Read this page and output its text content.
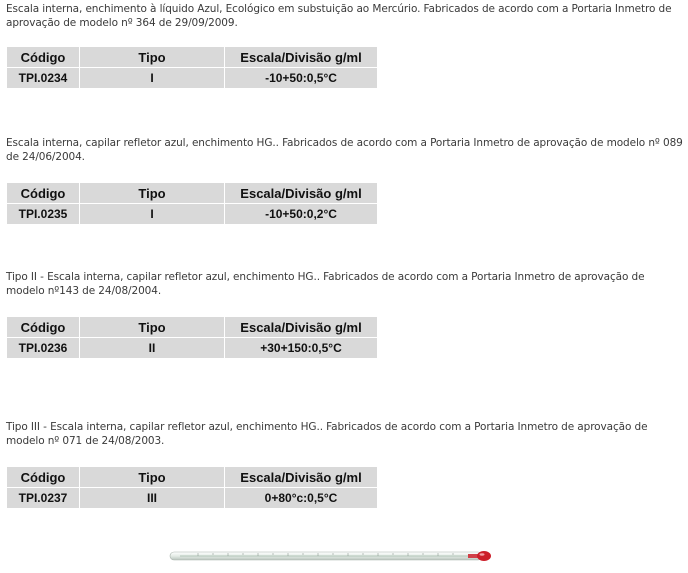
Escala interna, enchimento à líquido Azul, Ecológico em substuição ao Mercúrio. Fabricados de acordo com a Portaria Inmetro de aprovação de modelo nº 364 de 29/09/2009.

Código	Tipo	Escala/Divisão g/ml
TPI.0234	I	-10+50:0,5°C

Escala interna, capilar refletor azul, enchimento HG.. Fabricados de acordo com a Portaria Inmetro de aprovação de modelo nº 089 de 24/06/2004.

Código	Tipo	Escala/Divisão g/ml
TPI.0235	I	-10+50:0,2°C

Tipo II - Escala interna, capilar refletor azul, enchimento HG.. Fabricados de acordo com a Portaria Inmetro de aprovação de modelo nº143 de 24/08/2004.

Código	Tipo	Escala/Divisão g/ml
TPI.0236	II	+30+150:0,5°C

Tipo III - Escala interna, capilar refletor azul, enchimento HG.. Fabricados de acordo com a Portaria Inmetro de aprovação de modelo nº 071 de 24/08/2003.

Código	Tipo	Escala/Divisão g/ml
TPI.0237	III	0+80°c:0,5°C
